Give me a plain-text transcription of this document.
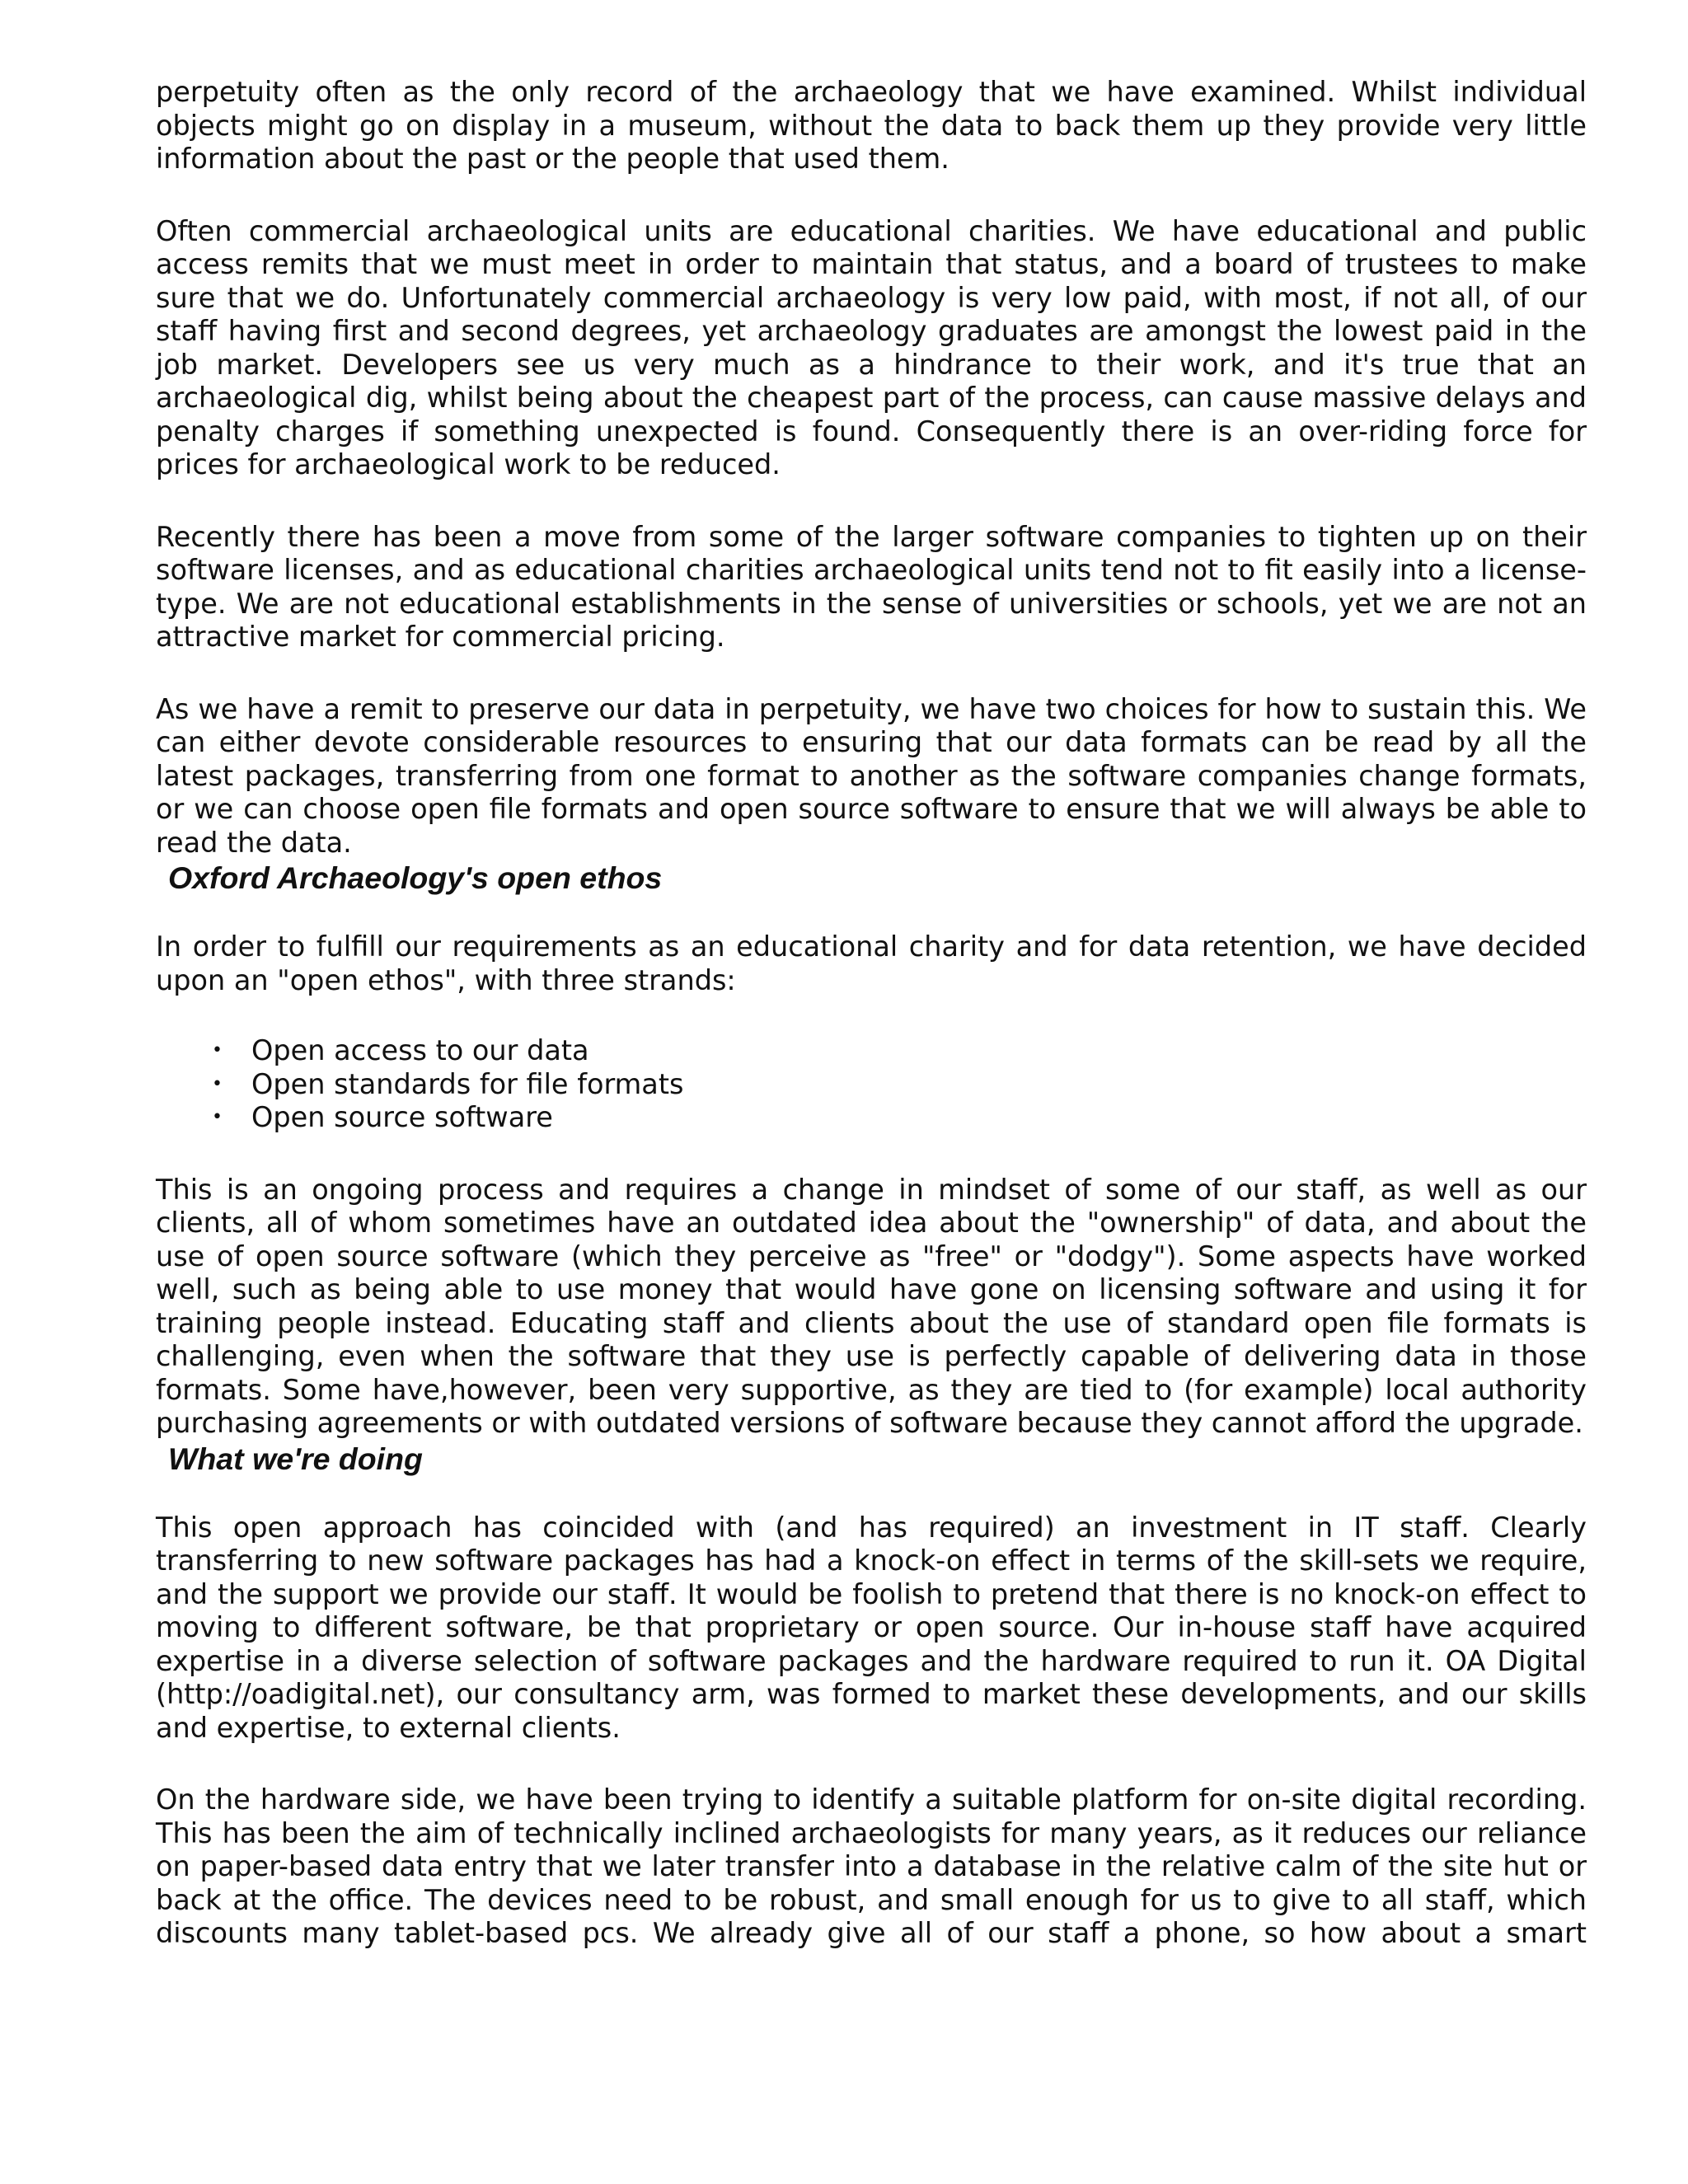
perpetuity often as the only record of the archaeology that we have examined. Whilst individual objects might go on display in a museum, without the data to back them up they provide very little information about the past or the people that used them.

Often commercial archaeological units are educational charities. We have educational and public access remits that we must meet in order to maintain that status, and a board of trustees to make sure that we do. Unfortunately commercial archaeology is very low paid, with most, if not all, of our staff having first and second degrees, yet archaeology graduates are amongst the lowest paid in the job market. Developers see us very much as a hindrance to their work, and it's true that an archaeological dig, whilst being about the cheapest part of the process, can cause massive delays and penalty charges if something unexpected is found. Consequently there is an over-riding force for prices for archaeological work to be reduced.

Recently there has been a move from some of the larger software companies to tighten up on their software licenses, and as educational charities archaeological units tend not to fit easily into a license-type. We are not educational establishments in the sense of universities or schools, yet we are not an attractive market for commercial pricing.

As we have a remit to preserve our data in perpetuity, we have two choices for how to sustain this. We can either devote considerable resources to ensuring that our data formats can be read by all the latest packages, transferring from one format to another as the software companies change formats, or we can choose open file formats and open source software to ensure that we will always be able to read the data.

Oxford Archaeology's open ethos

In order to fulfill our requirements as an educational charity and for data retention, we have decided upon an "open ethos", with three strands:

• Open access to our data
• Open standards for file formats
• Open source software

This is an ongoing process and requires a change in mindset of some of our staff, as well as our clients, all of whom sometimes have an outdated idea about the "ownership" of data, and about the use of open source software (which they perceive as "free" or "dodgy"). Some aspects have worked well, such as being able to use money that would have gone on licensing software and using it for training people instead. Educating staff and clients about the use of standard open file formats is challenging, even when the software that they use is perfectly capable of delivering data in those formats. Some have,however, been very supportive, as they are tied to (for example) local authority purchasing agreements or with outdated versions of software because they cannot afford the upgrade.

What we're doing

This open approach has coincided with (and has required) an investment in IT staff. Clearly transferring to new software packages has had a knock-on effect in terms of the skill-sets we require, and the support we provide our staff. It would be foolish to pretend that there is no knock-on effect to moving to different software, be that proprietary or open source. Our in-house staff have acquired expertise in a diverse selection of software packages and the hardware required to run it. OA Digital (http://oadigital.net), our consultancy arm, was formed to market these developments, and our skills and expertise, to external clients.

On the hardware side, we have been trying to identify a suitable platform for on-site digital recording. This has been the aim of technically inclined archaeologists for many years, as it reduces our reliance on paper-based data entry that we later transfer into a database in the relative calm of the site hut or back at the office. The devices need to be robust, and small enough for us to give to all staff, which discounts many tablet-based pcs. We already give all of our staff a phone, so how about a smart
